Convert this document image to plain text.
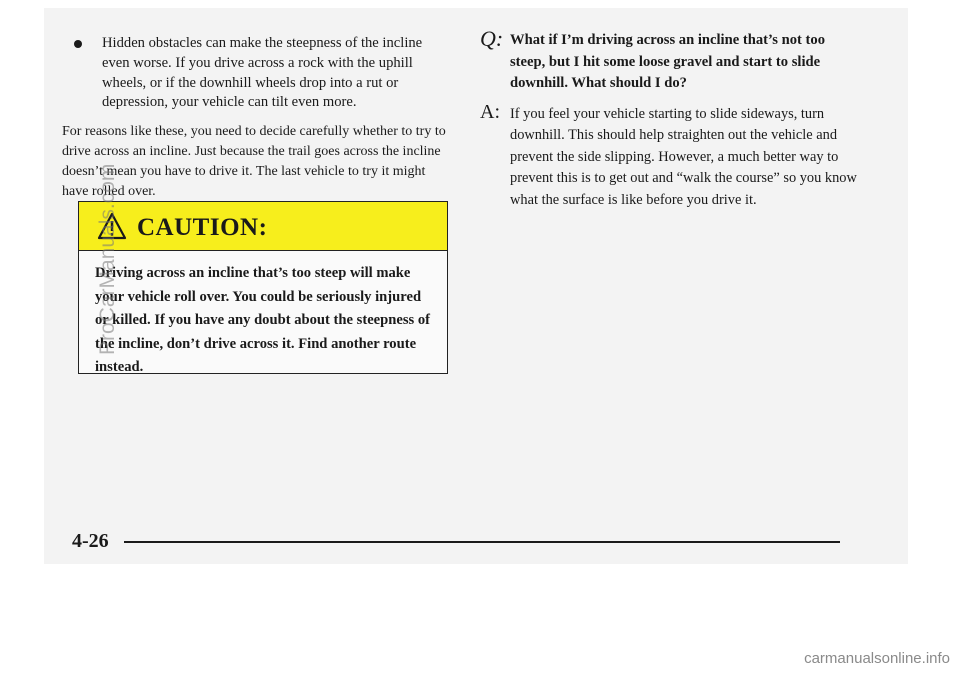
Hidden obstacles can make the steepness of the incline even worse. If you drive across a rock with the uphill wheels, or if the downhill wheels drop into a rut or depression, your vehicle can tilt even more.
For reasons like these, you need to decide carefully whether to try to drive across an incline. Just because the trail goes across the incline doesn’t mean you have to drive it. The last vehicle to try it might have rolled over.
CAUTION:
Driving across an incline that’s too steep will make your vehicle roll over. You could be seriously injured or killed. If you have any doubt about the steepness of the incline, don’t drive across it. Find another route instead.
Q: What if I’m driving across an incline that’s not too steep, but I hit some loose gravel and start to slide downhill. What should I do?
A: If you feel your vehicle starting to slide sideways, turn downhill. This should help straighten out the vehicle and prevent the side slipping. However, a much better way to prevent this is to get out and “walk the course” so you know what the surface is like before you drive it.
4-26
ProCarManuals.com
carmanualsonline.info
